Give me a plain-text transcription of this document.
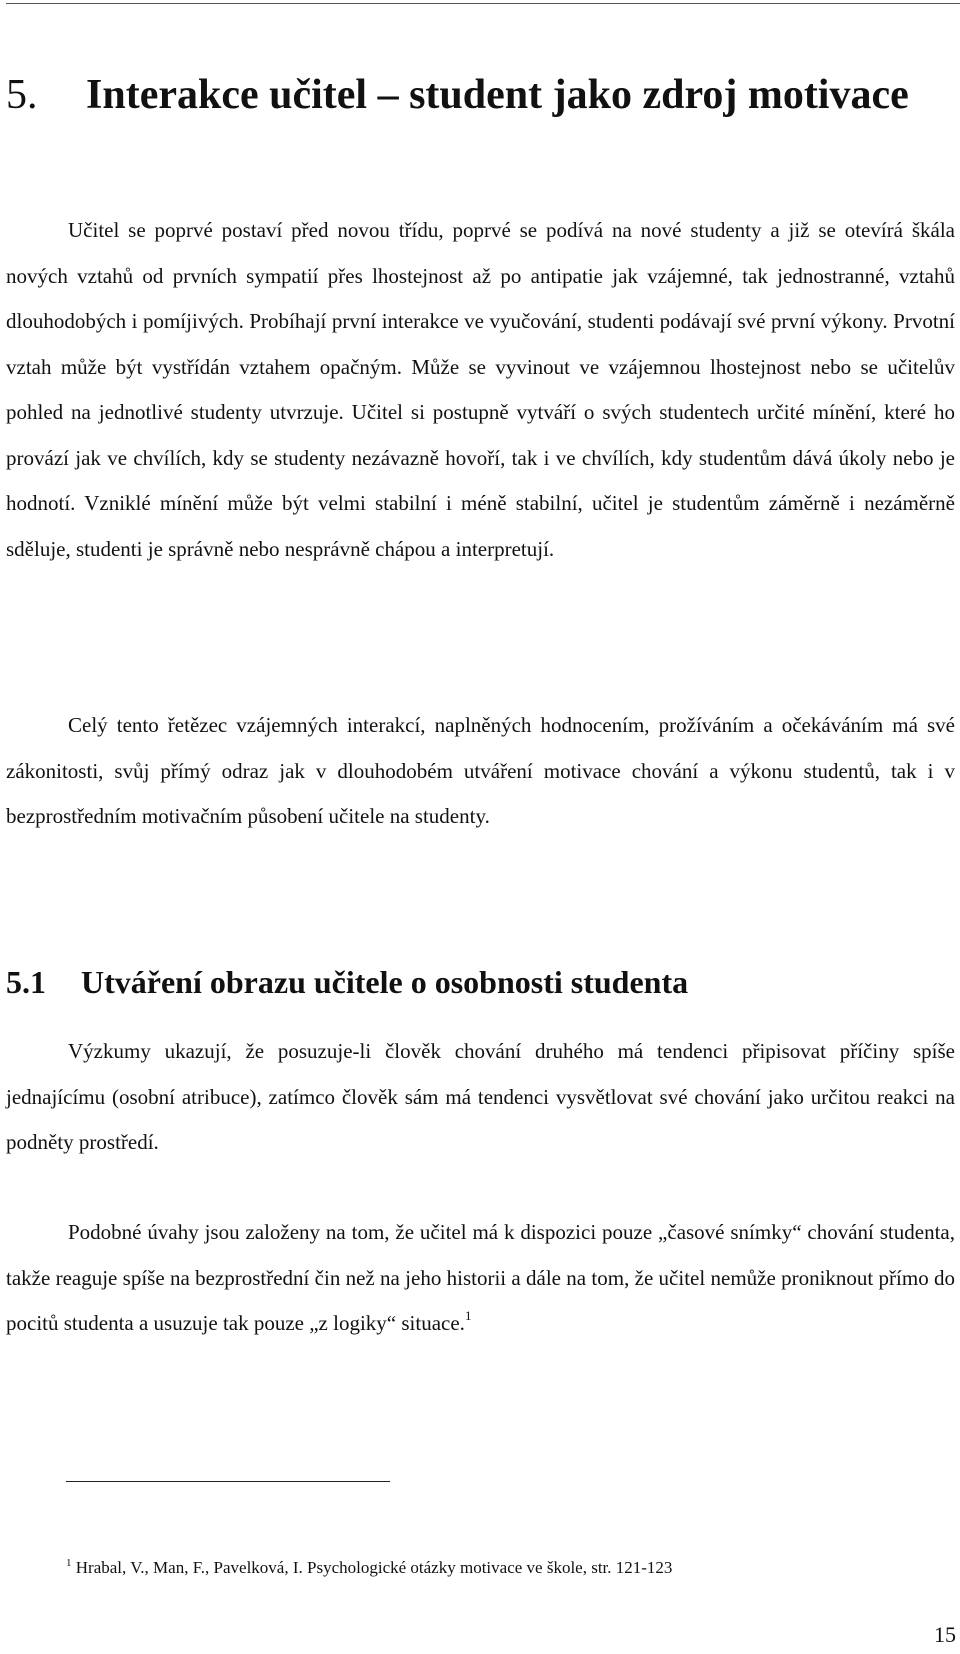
5. Interakce učitel – student jako zdroj motivace

Učitel se poprvé postaví před novou třídu, poprvé se podívá na nové studenty a již se otevírá škála nových vztahů od prvních sympatií přes lhostejnost až po antipatie jak vzájemné, tak jednostranné, vztahů dlouhodobých i pomíjivých. Probíhají první interakce ve vyučování, studenti podávají své první výkony. Prvotní vztah může být vystřídán vztahem opačným. Může se vyvinout ve vzájemnou lhostejnost nebo se učitelův pohled na jednotlivé studenty utvrzuje. Učitel si postupně vytváří o svých studentech určité mínění, které ho provází jak ve chvílích, kdy se studenty nezávazně hovoří, tak i ve chvílích, kdy studentům dává úkoly nebo je hodnotí. Vzniklé mínění může být velmi stabilní i méně stabilní, učitel je studentům záměrně i nezáměrně sděluje, studenti je správně nebo nesprávně chápou a interpretují.

Celý tento řetězec vzájemných interakcí, naplněných hodnocením, prožíváním a očekáváním má své zákonitosti, svůj přímý odraz jak v dlouhodobém utváření motivace chování a výkonu studentů, tak i v bezprostředním motivačním působení učitele na studenty.

5.1 Utváření obrazu učitele o osobnosti studenta

Výzkumy ukazují, že posuzuje-li člověk chování druhého má tendenci připisovat příčiny spíše jednajícímu (osobní atribuce), zatímco člověk sám má tendenci vysvětlovat své chování jako určitou reakci na podněty prostředí.

Podobné úvahy jsou založeny na tom, že učitel má k dispozici pouze „časové snímky“ chování studenta, takže reaguje spíše na bezprostřední čin než na jeho historii a dále na tom, že učitel nemůže proniknout přímo do pocitů studenta a usuzuje tak pouze „z logiky“ situace.$^1$

$^1$ Hrabal, V., Man, F., Pavelková, I. Psychologické otázky motivace ve škole, str. 121-123

15
